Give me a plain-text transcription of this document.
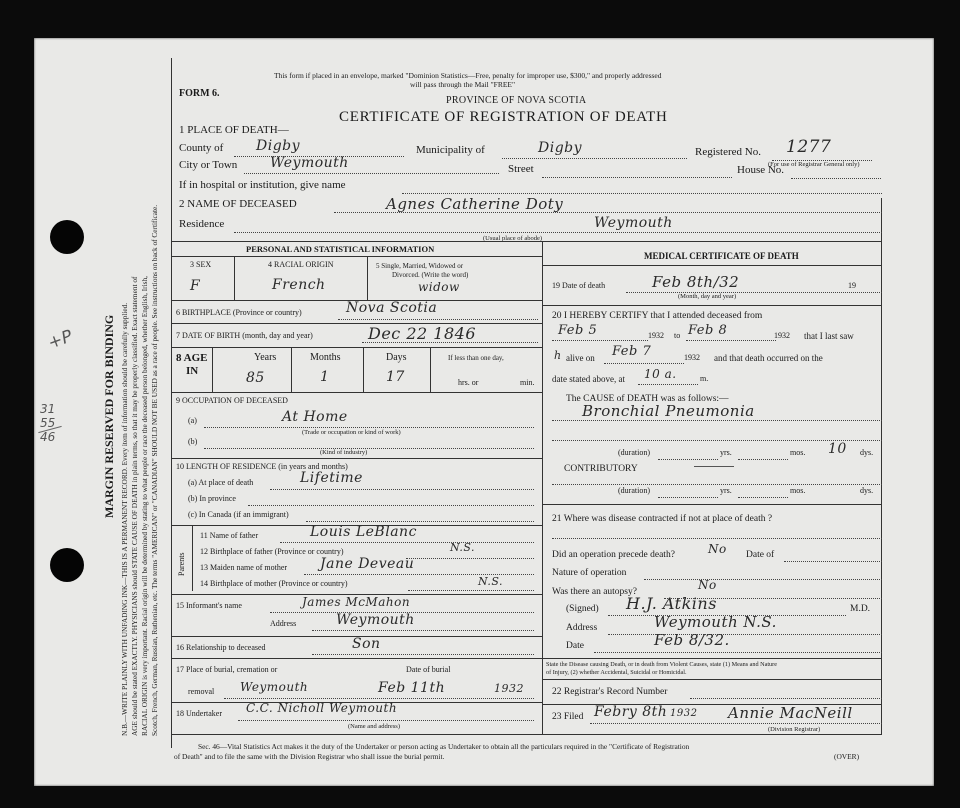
MARGIN RESERVED FOR BINDING N.B.—WRITE PLAINLY WITH UNFADING INK—THIS IS A PERMANENT RECORD. Every item of information should be carefully supplied. AGE should be stated EXACTLY. PHYSICIANS should STATE CAUSE OF DEATH in plain terms, so that it may be properly classified. Exact statement of RACIAL ORIGIN is very important. Racial origin will be determined by stating to what people or race the deceased person belonged, whether English, Irish, Scotch, French, German, Russian, Ruthenian, etc. The terms "AMERICAN" or "CANADIAN" SHOULD NOT BE USED as a race of people. See instructions on back of Certificate.
+P
31
55
46
This form if placed in an envelope, marked "Dominion Statistics—Free, penalty for improper use, $300," and properly addressed
will pass through the Mail "FREE"
FORM 6.
PROVINCE OF NOVA SCOTIA
CERTIFICATE OF REGISTRATION OF DEATH
1 PLACE OF DEATH—
County of Digby	Municipality of	Digby	Registered No. 1277
(For use of Registrar General only)
City or Town Weymouth	Street	House No.
If in hospital or institution, give name
2 NAME OF DECEASED	Agnes Catherine Doty
Residence	Weymouth
(Usual place of abode)
PERSONAL AND STATISTICAL INFORMATION
3 SEX
F
4 RACIAL ORIGIN
French
5 Single, Married, Widowed or
Divorced. (Write the word)
widow
6 BIRTHPLACE (Province or country)	Nova Scotia
7 DATE OF BIRTH (month, day and year)	Dec 22 1846
8 AGE
IN
Years
85
Months
1
Days
17
If less than one day,
hrs. or	min.
9 OCCUPATION OF DECEASED
(a)	At Home
(Trade or occupation or kind of work)
(b)
(Kind of industry)
10 LENGTH OF RESIDENCE (in years and months)
(a) At place of death	Lifetime
(b) In province
(c) In Canada (if an immigrant)
Parents
11 Name of father	Louis LeBlanc
12 Birthplace of father (Province or country)	N.S.
13 Maiden name of mother Jane Deveau
14 Birthplace of mother (Province or country)	N.S.
15 Informant's name	James McMahon
Address	Weymouth
16 Relationship to deceased	Son
17 Place of burial, cremation or	Date of burial
removal Weymouth	Feb 11th	1932
18 Undertaker C.C. Nicholl Weymouth
(Name and address)
MEDICAL CERTIFICATE OF DEATH
19 Date of death	Feb 8th/32
(Month, day and year)
19
20 I HEREBY CERTIFY that I attended deceased from
Feb 5	1932 to Feb 8	1932 that I last saw
h alive on Feb 7	1932 and that death occurred on the
date stated above, at 10 a.	m.
The CAUSE of DEATH was as follows:—
Bronchial Pneumonia
(duration)	yrs.	mos. 10 dys.
CONTRIBUTORY
(duration)	yrs.	mos.	dys.
21 Where was disease contracted if not at place of death ?
Did an operation precede death?	No Date of
Nature of operation
Was there an autopsy?	No
(Signed) H.J. Atkins	M.D.
Address	Weymouth N.S.
Date	Feb 8/32.
State the Disease causing Death, or in death from Violent Causes, state (1) Means and Nature
of Injury, (2) whether Accidental, Suicidal or Homicidal.
22 Registrar's Record Number
23 Filed Febry 8th 1932 Annie MacNeill
(Division Registrar)
Sec. 46—Vital Statistics Act makes it the duty of the Undertaker or person acting as Undertaker to obtain all the particulars required in the "Certificate of Registration
of Death" and to file the same with the Division Registrar who shall issue the burial permit.	(OVER)
